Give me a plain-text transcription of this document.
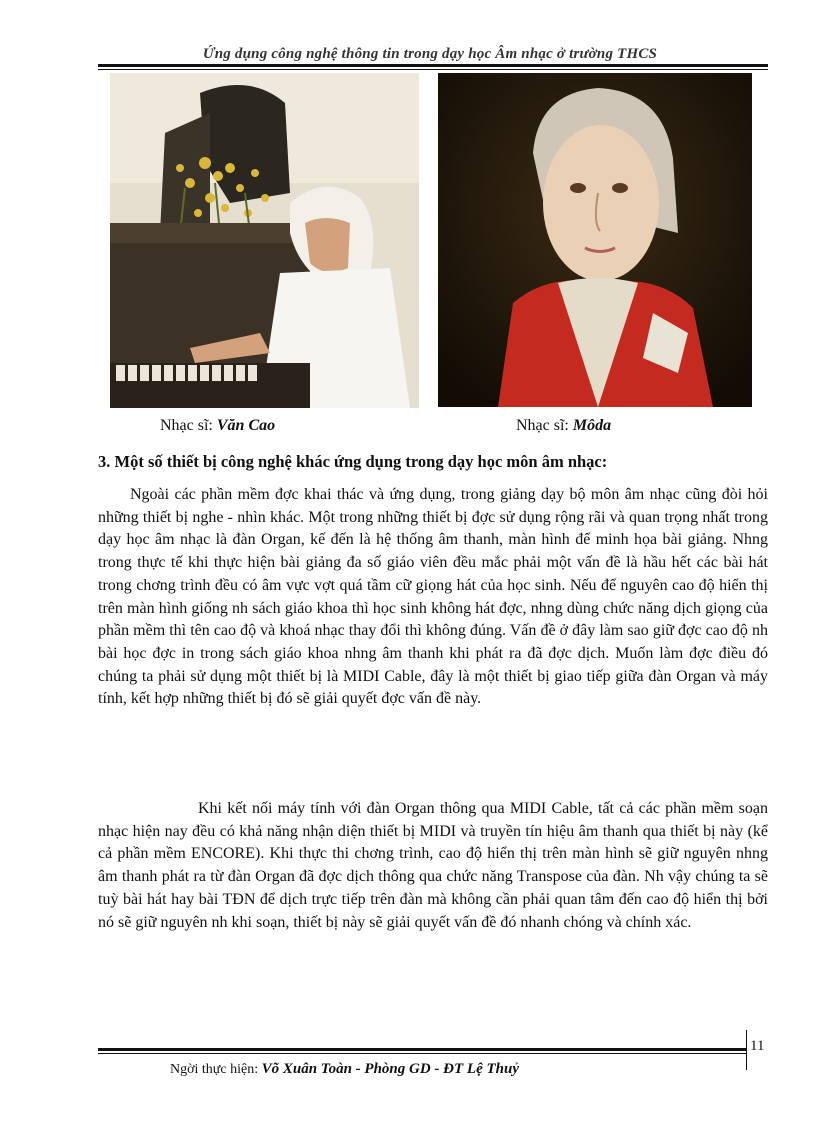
Ứng dụng công nghệ thông tin trong dạy học Âm nhạc ở trường THCS
Nhạc sĩ: Văn Cao	Nhạc sĩ: Môda
3. Một số thiết bị công nghệ khác ứng dụng trong dạy học môn âm nhạc:

Ngoài các phần mềm đợc khai thác và ứng dụng, trong giảng dạy bộ môn âm nhạc cũng đòi hỏi những thiết bị nghe - nhìn khác. Một trong những thiết bị đợc sử dụng rộng rãi và quan trọng nhất trong dạy học âm nhạc là đàn Organ, kế đến là hệ thống âm thanh, màn hình để minh họa bài giảng. Nhng trong thực tế khi thực hiện bài giảng đa số giáo viên đều mắc phải một vấn đề là hầu hết các bài hát trong chơng trình đều có âm vực vợt quá tầm cữ giọng hát của học sinh. Nếu để nguyên cao độ hiển thị trên màn hình giống nh sách giáo khoa thì học sinh không hát đợc, nhng dùng chức năng dịch giọng của phần mềm thì tên cao độ và khoá nhạc thay đổi thì không đúng. Vấn đề ở đây làm sao giữ đợc cao độ nh bài học đợc in trong sách giáo khoa nhng âm thanh khi phát ra đã đợc dịch. Muốn làm đợc điều đó chúng ta phải sử dụng một thiết bị là MIDI Cable, đây là một thiết bị giao tiếp giữa đàn Organ và máy tính, kết hợp những thiết bị đó sẽ giải quyết đợc vấn đề này.

Khi kết nối máy tính với đàn Organ thông qua MIDI Cable, tất cả các phần mềm soạn nhạc hiện nay đều có khả năng nhận diện thiết bị MIDI và truyền tín hiệu âm thanh qua thiết bị này (kể cả phần mềm ENCORE). Khi thực thi chơng trình, cao độ hiển thị trên màn hình sẽ giữ nguyên nhng âm thanh phát ra từ đàn Organ đã đợc dịch thông qua chức năng Transpose của đàn. Nh vậy chúng ta sẽ tuỳ bài hát hay bài TĐN để dịch trực tiếp trên đàn mà không cần phải quan tâm đến cao độ hiển thị bởi nó sẽ giữ nguyên nh khi soạn, thiết bị này sẽ giải quyết vấn đề đó nhanh chóng và chính xác.

11
Ngời thực hiện: Võ Xuân Toàn - Phòng GD - ĐT Lệ Thuỷ
